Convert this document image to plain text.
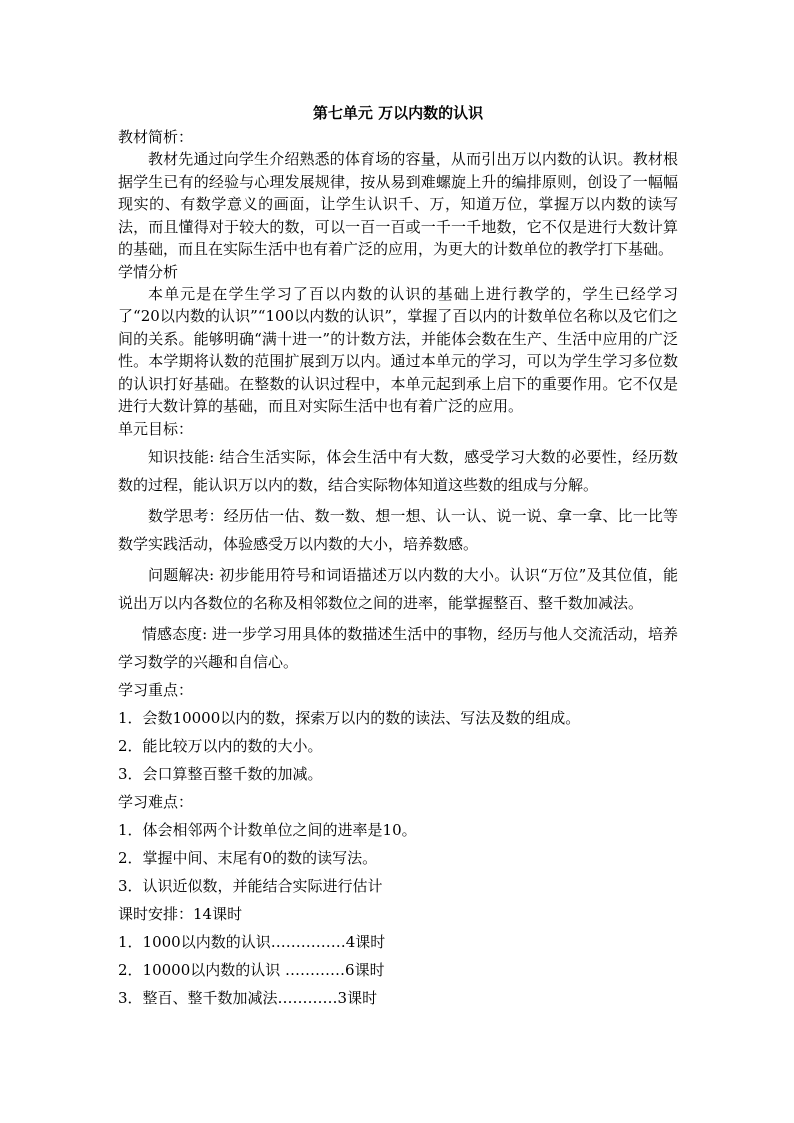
第七单元 万以内数的认识
教材简析：

教材先通过向学生介绍熟悉的体育场的容量，从而引出万以内数的认识。教材根据学生已有的经验与心理发展规律，按从易到难螺旋上升的编排原则，创设了一幅幅现实的、有数学意义的画面，让学生认识千、万，知道万位，掌握万以内数的读写法，而且懂得对于较大的数，可以一百一百或一千一千地数，它不仅是进行大数计算的基础，而且在实际生活中也有着广泛的应用，为更大的计数单位的教学打下基础。

学情分析

本单元是在学生学习了百以内数的认识的基础上进行教学的，学生已经学习了“20以内数的认识”“100以内数的认识”，掌握了百以内的计数单位名称以及它们之间的关系。能够明确“满十进一”的计数方法，并能体会数在生产、生活中应用的广泛性。本学期将认数的范围扩展到万以内。通过本单元的学习，可以为学生学习多位数的认识打好基础。在整数的认识过程中，本单元起到承上启下的重要作用。它不仅是进行大数计算的基础，而且对实际生活中也有着广泛的应用。

单元目标：

知识技能: 结合生活实际，体会生活中有大数，感受学习大数的必要性，经历数数的过程，能认识万以内的数，结合实际物体知道这些数的组成与分解。

数学思考：经历估一估、数一数、想一想、认一认、说一说、拿一拿、比一比等数学实践活动，体验感受万以内数的大小，培养数感。

问题解决: 初步能用符号和词语描述万以内数的大小。认识“万位”及其位值，能说出万以内各数位的名称及相邻数位之间的进率，能掌握整百、整千数加减法。

情感态度: 进一步学习用具体的数描述生活中的事物，经历与他人交流活动，培养学习数学的兴趣和自信心。

学习重点：
1．会数10000以内的数，探索万以内的数的读法、写法及数的组成。
2．能比较万以内的数的大小。
3．会口算整百整千数的加减。
学习难点：
1．体会相邻两个计数单位之间的进率是10。
2．掌握中间、末尾有0的数的读写法。
3．认识近似数，并能结合实际进行估计
课时安排：14课时
1．1000以内数的认识……………4课时
2．10000以内数的认识 …………6课时
3．整百、整千数加减法…………3课时
